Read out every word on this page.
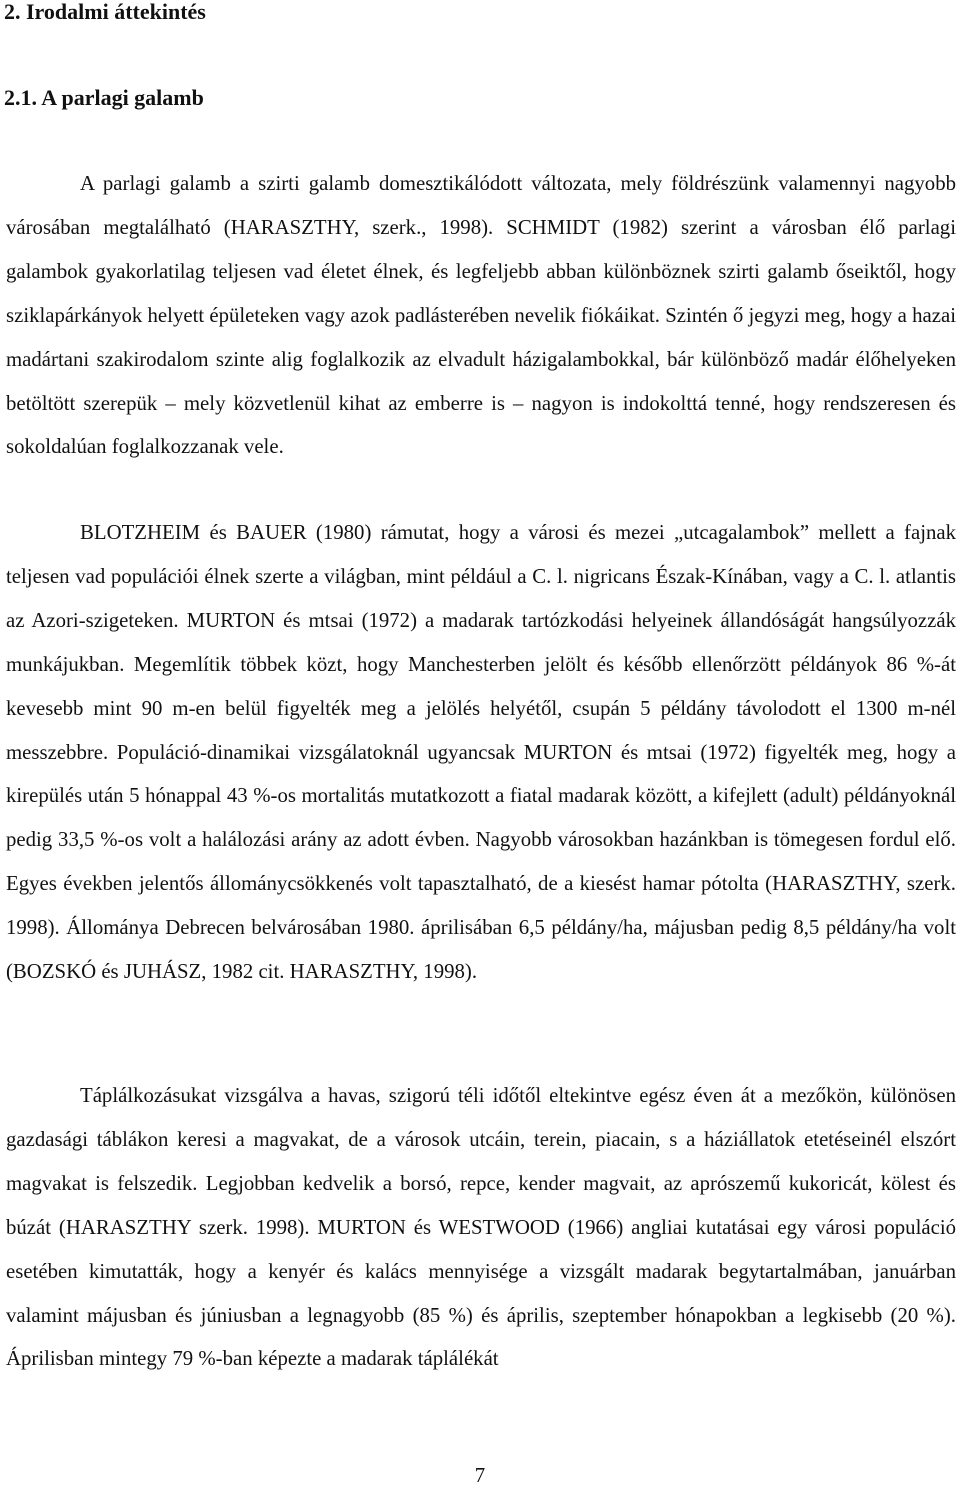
2. Irodalmi áttekintés
2.1. A parlagi galamb

A parlagi galamb a szirti galamb domesztikálódott változata, mely földrészünk valamennyi nagyobb városában megtalálható (HARASZTHY, szerk., 1998). SCHMIDT (1982) szerint a városban élő parlagi galambok gyakorlatilag teljesen vad életet élnek, és legfeljebb abban különböznek szirti galamb őseiktől, hogy sziklapárkányok helyett épületeken vagy azok padlásterében nevelik fiókáikat. Szintén ő jegyzi meg, hogy a hazai madártani szakirodalom szinte alig foglalkozik az elvadult házigalambokkal, bár különböző madár élőhelyeken betöltött szerepük – mely közvetlenül kihat az emberre is – nagyon is indokolttá tenné, hogy rendszeresen és sokoldalúan foglalkozzanak vele.

BLOTZHEIM és BAUER (1980) rámutat, hogy a városi és mezei „utcagalambok” mellett a fajnak teljesen vad populációi élnek szerte a világban, mint például a C. l. nigricans Észak-Kínában, vagy a C. l. atlantis az Azori-szigeteken. MURTON és mtsai (1972) a madarak tartózkodási helyeinek állandóságát hangsúlyozzák munkájukban. Megemlítik többek közt, hogy Manchesterben jelölt és később ellenőrzött példányok 86 %-át kevesebb mint 90 m-en belül figyelték meg a jelölés helyétől, csupán 5 példány távolodott el 1300 m-nél messzebbre. Populáció-dinamikai vizsgálatoknál ugyancsak MURTON és mtsai (1972) figyelték meg, hogy a kirepülés után 5 hónappal 43 %-os mortalitás mutatkozott a fiatal madarak között, a kifejlett (adult) példányoknál pedig 33,5 %-os volt a halálozási arány az adott évben. Nagyobb városokban hazánkban is tömegesen fordul elő. Egyes években jelentős állománycsökkenés volt tapasztalható, de a kiesést hamar pótolta (HARASZTHY, szerk. 1998). Állománya Debrecen belvárosában 1980. áprilisában 6,5 példány/ha, májusban pedig 8,5 példány/ha volt (BOZSKÓ és JUHÁSZ, 1982 cit. HARASZTHY, 1998).

Táplálkozásukat vizsgálva a havas, szigorú téli időtől eltekintve egész éven át a mezőkön, különösen gazdasági táblákon keresi a magvakat, de a városok utcáin, terein, piacain, s a háziállatok etetéseinél elszórt magvakat is felszedik. Legjobban kedvelik a borsó, repce, kender magvait, az aprószemű kukoricát, kölest és búzát (HARASZTHY szerk. 1998). MURTON és WESTWOOD (1966) angliai kutatásai egy városi populáció esetében kimutatták, hogy a kenyér és kalács mennyisége a vizsgált madarak begytartalmában, januárban valamint májusban és júniusban a legnagyobb (85 %) és április, szeptember hónapokban a legkisebb (20 %). Áprilisban mintegy 79 %-ban képezte a madarak táplálékát

7
